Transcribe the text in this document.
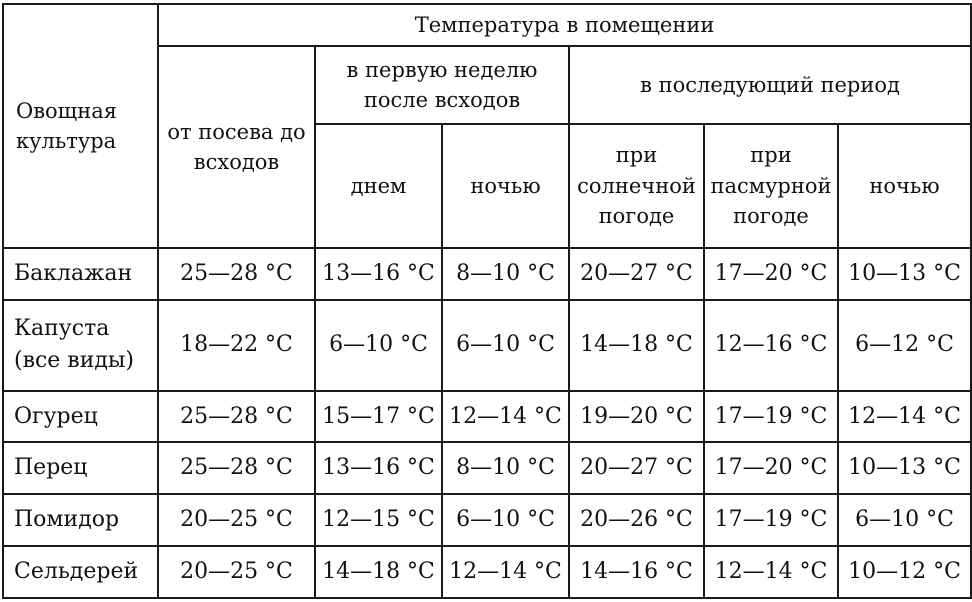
Овощная культура	Температура в помещении					
	от посева до всходов	в первую неделю после всходов		в последующий период		
		днем	ночью	при солнечной погоде	при пасмурной погоде	ночью
Баклажан	25—28 °C	13—16 °C	8—10 °C	20—27 °C	17—20 °C	10—13 °C
Капуста (все виды)	18—22 °C	6—10 °C	6—10 °C	14—18 °C	12—16 °C	6—12 °C
Огурец	25—28 °C	15—17 °C	12—14 °C	19—20 °C	17—19 °C	12—14 °C
Перец	25—28 °C	13—16 °C	8—10 °C	20—27 °C	17—20 °C	10—13 °C
Помидор	20—25 °C	12—15 °C	6—10 °C	20—26 °C	17—19 °C	6—10 °C
Сельдерей	20—25 °C	14—18 °C	12—14 °C	14—16 °C	12—14 °C	10—12 °C
